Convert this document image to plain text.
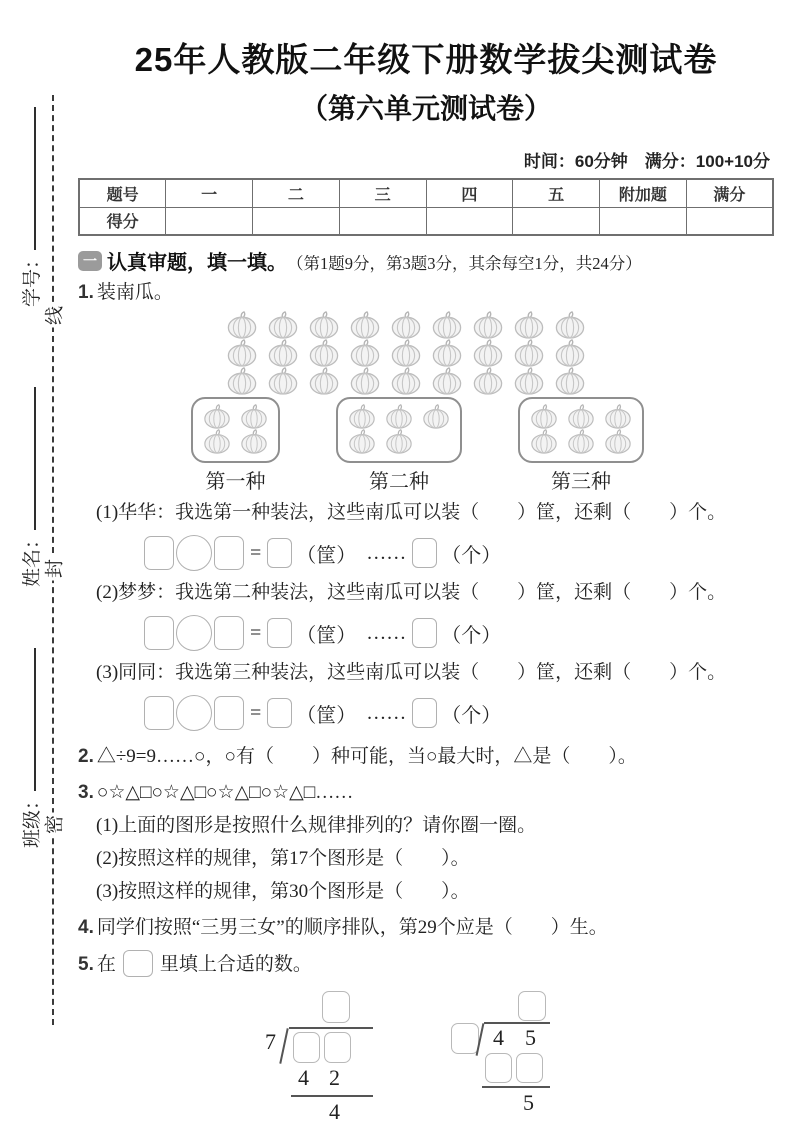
线
封
密
学号：
姓名：
班级：
25年人教版二年级下册数学拔尖测试卷
（第六单元测试卷）
时间：60分钟　满分：100+10分
题号	一	二	三	四	五	附加题	满分
得分							
一 认真审题，填一填。 （第1题9分，第3题3分，其余每空1分，共24分）
1. 装南瓜。
第一种	第二种	第三种
(1)华华：我选第一种装法，这些南瓜可以装（　　）筐，还剩（　　）个。
= （筐） …… （个）
(2)梦梦：我选第二种装法，这些南瓜可以装（　　）筐，还剩（　　）个。
= （筐） …… （个）
(3)同同：我选第三种装法，这些南瓜可以装（　　）筐，还剩（　　）个。
= （筐） …… （个）
2. △÷9=9……○，○有（　　）种可能，当○最大时，△是（　　）。
3. ○☆△□○☆△□○☆△□○☆△□……
(1)上面的图形是按照什么规律排列的？请你圈一圈。
(2)按照这样的规律，第17个图形是（　　）。
(3)按照这样的规律，第30个图形是（　　）。
4. 同学们按照“三男三女”的顺序排队，第29个应是（　　）生。
5. 在 里填上合适的数。
7
4 2
4
4 5
5
